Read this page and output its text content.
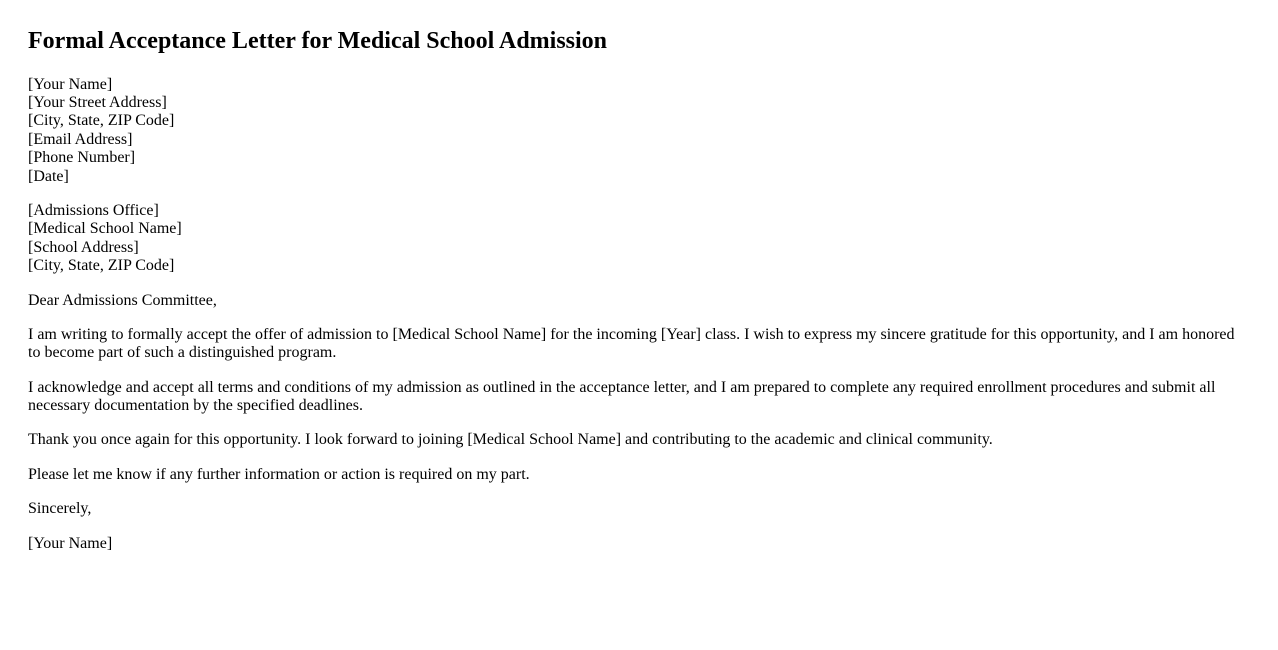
Formal Acceptance Letter for Medical School Admission
[Your Name]
[Your Street Address]
[City, State, ZIP Code]
[Email Address]
[Phone Number]
[Date]
[Admissions Office]
[Medical School Name]
[School Address]
[City, State, ZIP Code]

Dear Admissions Committee,

I am writing to formally accept the offer of admission to [Medical School Name] for the incoming [Year] class. I wish to express my sincere gratitude for this opportunity, and I am honored to become part of such a distinguished program.

I acknowledge and accept all terms and conditions of my admission as outlined in the acceptance letter, and I am prepared to complete any required enrollment procedures and submit all necessary documentation by the specified deadlines.

Thank you once again for this opportunity. I look forward to joining [Medical School Name] and contributing to the academic and clinical community.

Please let me know if any further information or action is required on my part.

Sincerely,

[Your Name]
